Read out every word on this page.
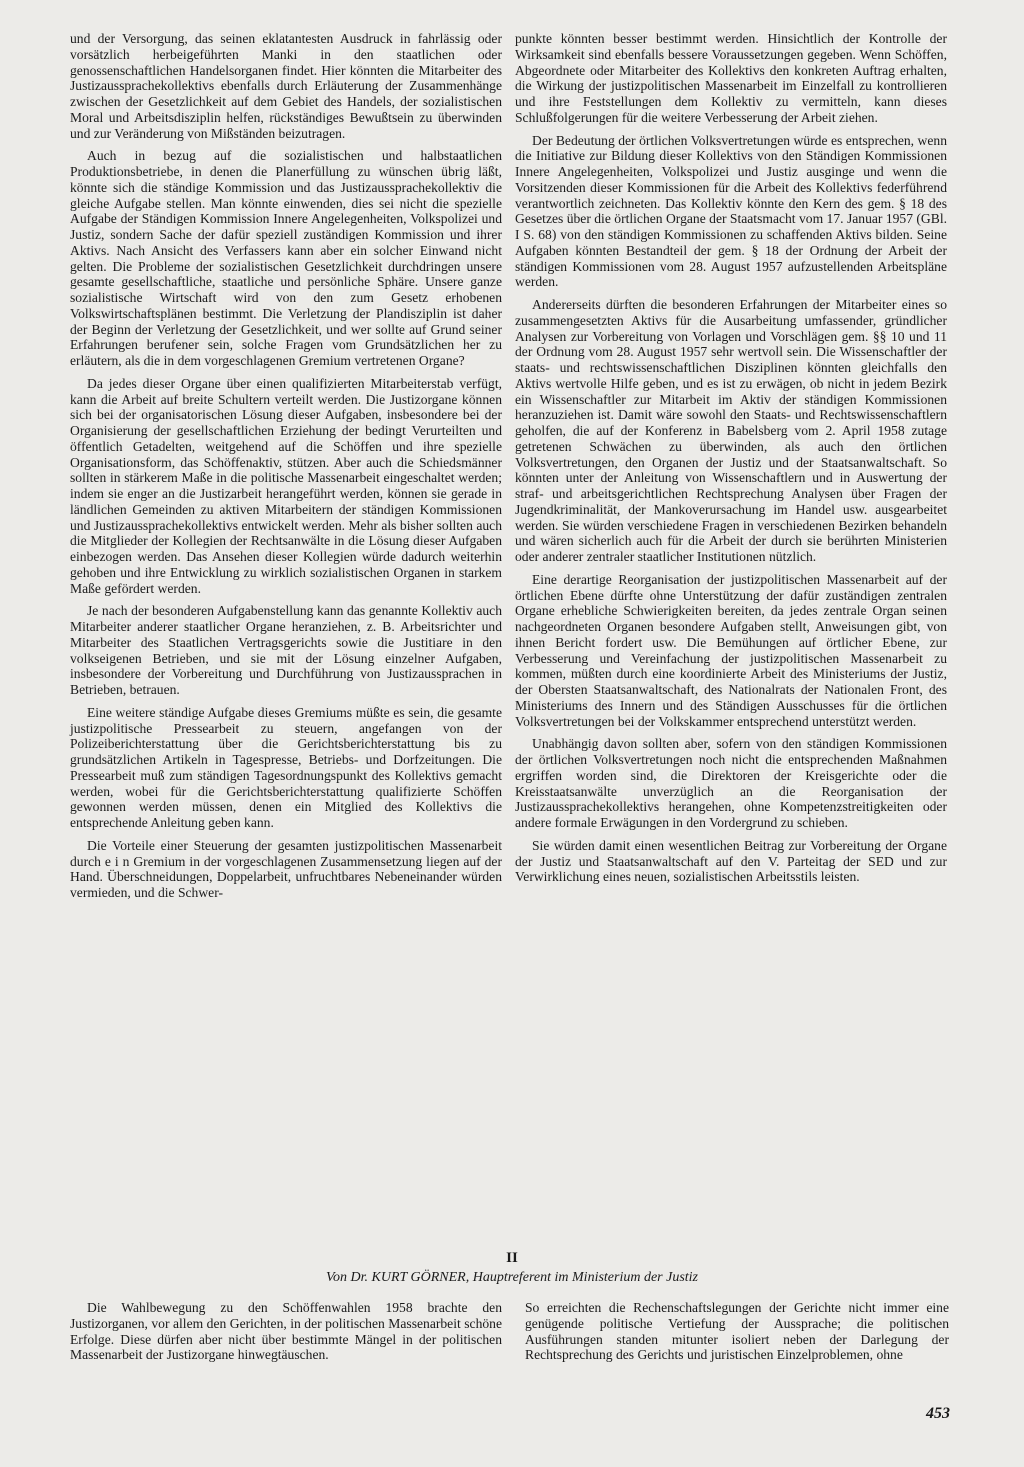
und der Versorgung, das seinen eklatantesten Ausdruck in fahrlässig oder vorsätzlich herbeigeführten Manki in den staatlichen oder genossenschaftlichen Handelsorganen findet. Hier könnten die Mitarbeiter des Justizaussprachekollektivs ebenfalls durch Erläuterung der Zusammenhänge zwischen der Gesetzlichkeit auf dem Gebiet des Handels, der sozialistischen Moral und Arbeitsdisziplin helfen, rückständiges Bewußtsein zu überwinden und zur Veränderung von Mißständen beizutragen.

Auch in bezug auf die sozialistischen und halbstaatlichen Produktionsbetriebe, in denen die Planerfüllung zu wünschen übrig läßt, könnte sich die ständige Kommission und das Justizaussprachekollektiv die gleiche Aufgabe stellen. Man könnte einwenden, dies sei nicht die spezielle Aufgabe der Ständigen Kommission Innere Angelegenheiten, Volkspolizei und Justiz, sondern Sache der dafür speziell zuständigen Kommission und ihrer Aktivs. Nach Ansicht des Verfassers kann aber ein solcher Einwand nicht gelten. Die Probleme der sozialistischen Gesetzlichkeit durchdringen unsere gesamte gesellschaftliche, staatliche und persönliche Sphäre. Unsere ganze sozialistische Wirtschaft wird von den zum Gesetz erhobenen Volkswirtschaftsplänen bestimmt. Die Verletzung der Plandisziplin ist daher der Beginn der Verletzung der Gesetzlichkeit, und wer sollte auf Grund seiner Erfahrungen berufener sein, solche Fragen vom Grundsätzlichen her zu erläutern, als die in dem vorgeschlagenen Gremium vertretenen Organe?

Da jedes dieser Organe über einen qualifizierten Mitarbeiterstab verfügt, kann die Arbeit auf breite Schultern verteilt werden. Die Justizorgane können sich bei der organisatorischen Lösung dieser Aufgaben, insbesondere bei der Organisierung der gesellschaftlichen Erziehung der bedingt Verurteilten und öffentlich Getadelten, weitgehend auf die Schöffen und ihre spezielle Organisationsform, das Schöffenaktiv, stützen. Aber auch die Schiedsmänner sollten in stärkerem Maße in die politische Massenarbeit eingeschaltet werden; indem sie enger an die Justizarbeit herangeführt werden, können sie gerade in ländlichen Gemeinden zu aktiven Mitarbeitern der ständigen Kommissionen und Justizaussprachekollektivs entwickelt werden. Mehr als bisher sollten auch die Mitglieder der Kollegien der Rechtsanwälte in die Lösung dieser Aufgaben einbezogen werden. Das Ansehen dieser Kollegien würde dadurch weiterhin gehoben und ihre Entwicklung zu wirklich sozialistischen Organen in starkem Maße gefördert werden.

Je nach der besonderen Aufgabenstellung kann das genannte Kollektiv auch Mitarbeiter anderer staatlicher Organe heranziehen, z. B. Arbeitsrichter und Mitarbeiter des Staatlichen Vertragsgerichts sowie die Justitiare in den volkseigenen Betrieben, und sie mit der Lösung einzelner Aufgaben, insbesondere der Vorbereitung und Durchführung von Justizaussprachen in Betrieben, betrauen.

Eine weitere ständige Aufgabe dieses Gremiums müßte es sein, die gesamte justizpolitische Pressearbeit zu steuern, angefangen von der Polizeiberichterstattung über die Gerichtsberichterstattung bis zu grundsätzlichen Artikeln in Tagespresse, Betriebs- und Dorfzeitungen. Die Pressearbeit muß zum ständigen Tagesordnungspunkt des Kollektivs gemacht werden, wobei für die Gerichtsberichterstattung qualifizierte Schöffen gewonnen werden müssen, denen ein Mitglied des Kollektivs die entsprechende Anleitung geben kann.

Die Vorteile einer Steuerung der gesamten justizpolitischen Massenarbeit durch e i n Gremium in der vorgeschlagenen Zusammensetzung liegen auf der Hand. Überschneidungen, Doppelarbeit, unfruchtbares Nebeneinander würden vermieden, und die Schwer-

punkte könnten besser bestimmt werden. Hinsichtlich der Kontrolle der Wirksamkeit sind ebenfalls bessere Voraussetzungen gegeben. Wenn Schöffen, Abgeordnete oder Mitarbeiter des Kollektivs den konkreten Auftrag erhalten, die Wirkung der justizpolitischen Massenarbeit im Einzelfall zu kontrollieren und ihre Feststellungen dem Kollektiv zu vermitteln, kann dieses Schlußfolgerungen für die weitere Verbesserung der Arbeit ziehen.

Der Bedeutung der örtlichen Volksvertretungen würde es entsprechen, wenn die Initiative zur Bildung dieser Kollektivs von den Ständigen Kommissionen Innere Angelegenheiten, Volkspolizei und Justiz ausginge und wenn die Vorsitzenden dieser Kommissionen für die Arbeit des Kollektivs federführend verantwortlich zeichneten. Das Kollektiv könnte den Kern des gem. § 18 des Gesetzes über die örtlichen Organe der Staatsmacht vom 17. Januar 1957 (GBl. I S. 68) von den ständigen Kommissionen zu schaffenden Aktivs bilden. Seine Aufgaben könnten Bestandteil der gem. § 18 der Ordnung der Arbeit der ständigen Kommissionen vom 28. August 1957 aufzustellenden Arbeitspläne werden.

Andererseits dürften die besonderen Erfahrungen der Mitarbeiter eines so zusammengesetzten Aktivs für die Ausarbeitung umfassender, gründlicher Analysen zur Vorbereitung von Vorlagen und Vorschlägen gem. §§ 10 und 11 der Ordnung vom 28. August 1957 sehr wertvoll sein. Die Wissenschaftler der staats- und rechtswissenschaftlichen Disziplinen könnten gleichfalls den Aktivs wertvolle Hilfe geben, und es ist zu erwägen, ob nicht in jedem Bezirk ein Wissenschaftler zur Mitarbeit im Aktiv der ständigen Kommissionen heranzuziehen ist. Damit wäre sowohl den Staats- und Rechtswissenschaftlern geholfen, die auf der Konferenz in Babelsberg vom 2. April 1958 zutage getretenen Schwächen zu überwinden, als auch den örtlichen Volksvertretungen, den Organen der Justiz und der Staatsanwaltschaft. So könnten unter der Anleitung von Wissenschaftlern und in Auswertung der straf- und arbeitsgerichtlichen Rechtsprechung Analysen über Fragen der Jugendkriminalität, der Mankoverursachung im Handel usw. ausgearbeitet werden. Sie würden verschiedene Fragen in verschiedenen Bezirken behandeln und wären sicherlich auch für die Arbeit der durch sie berührten Ministerien oder anderer zentraler staatlicher Institutionen nützlich.

Eine derartige Reorganisation der justizpolitischen Massenarbeit auf der örtlichen Ebene dürfte ohne Unterstützung der dafür zuständigen zentralen Organe erhebliche Schwierigkeiten bereiten, da jedes zentrale Organ seinen nachgeordneten Organen besondere Aufgaben stellt, Anweisungen gibt, von ihnen Bericht fordert usw. Die Bemühungen auf örtlicher Ebene, zur Verbesserung und Vereinfachung der justizpolitischen Massenarbeit zu kommen, müßten durch eine koordinierte Arbeit des Ministeriums der Justiz, der Obersten Staatsanwaltschaft, des Nationalrats der Nationalen Front, des Ministeriums des Innern und des Ständigen Ausschusses für die örtlichen Volksvertretungen bei der Volkskammer entsprechend unterstützt werden.

Unabhängig davon sollten aber, sofern von den ständigen Kommissionen der örtlichen Volksvertretungen noch nicht die entsprechenden Maßnahmen ergriffen worden sind, die Direktoren der Kreisgerichte oder die Kreisstaatsanwälte unverzüglich an die Reorganisation der Justizaussprachekollektivs herangehen, ohne Kompetenzstreitigkeiten oder andere formale Erwägungen in den Vordergrund zu schieben.

Sie würden damit einen wesentlichen Beitrag zur Vorbereitung der Organe der Justiz und Staatsanwaltschaft auf den V. Parteitag der SED und zur Verwirklichung eines neuen, sozialistischen Arbeitsstils leisten.

II
Von Dr. KURT GÖRNER, Hauptreferent im Ministerium der Justiz

Die Wahlbewegung zu den Schöffenwahlen 1958 brachte den Justizorganen, vor allem den Gerichten, in der politischen Massenarbeit schöne Erfolge. Diese dürfen aber nicht über bestimmte Mängel in der politischen Massenarbeit der Justizorgane hinwegtäuschen.

So erreichten die Rechenschaftslegungen der Gerichte nicht immer eine genügende politische Vertiefung der Aussprache; die politischen Ausführungen standen mitunter isoliert neben der Darlegung der Rechtsprechung des Gerichts und juristischen Einzelproblemen, ohne

453
